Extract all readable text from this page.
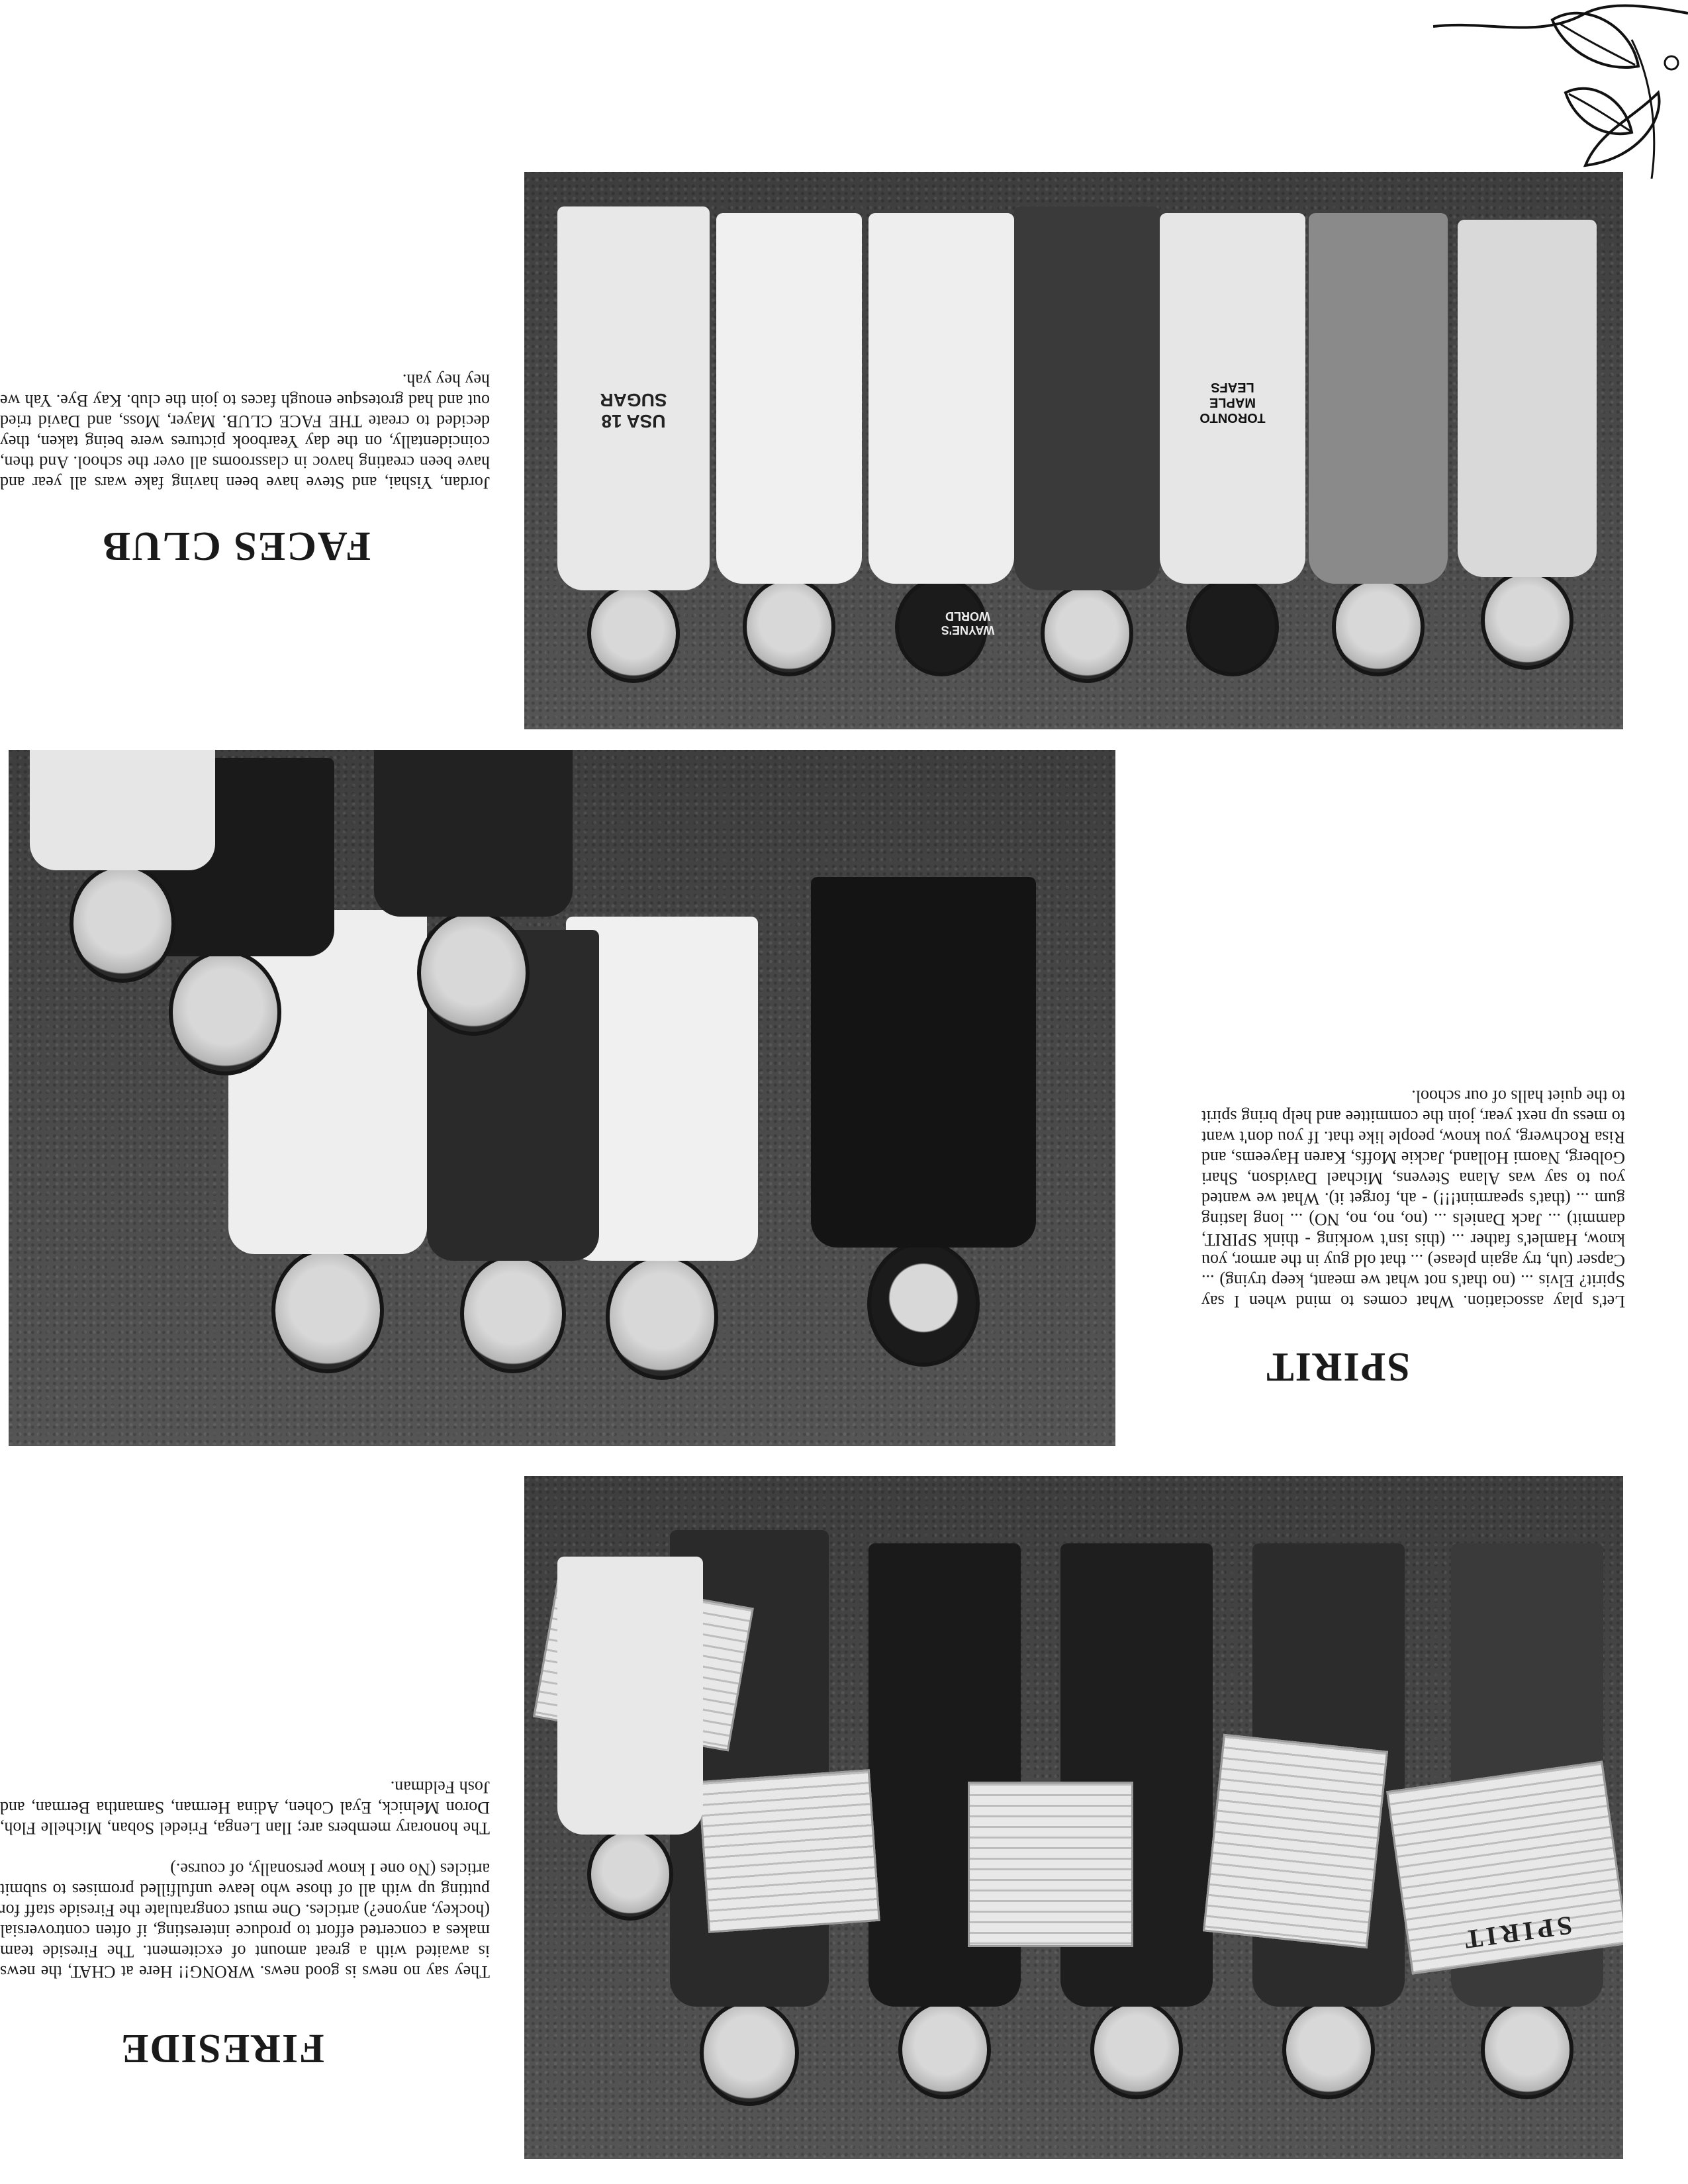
TORONTO MAPLE LEAFS
WAYNE'S WORLD
USA 18 SUGAR
FACES CLUB

Jordan, Yishai, and Steve have been having fake wars all year and have been creating havoc in classrooms all over the school. And then, coincidentally, on the day Yearbook pictures were being taken, they decided to create THE FACE CLUB. Mayer, Moss, and David tried out and had grotesque enough faces to join the club. Kay Bye. Yah we hey hey yah.

SPIRIT

Let's play association. What comes to mind when I say Spirit? Elvis ... (no that's not what we meant, keep trying) ... Capser (uh, try again please) ... that old guy in the armor, you know, Hamlet's father ... (this isn't working - think SPIRIT, dammit) ... Jack Daniels ... (no, no, no, NO) ... long lasting gum ... (that's spearmint!!!) - ah, forget it). What we wanted you to say was Alana Stevens, Michael Davidson, Shari Golberg, Naomi Holland, Jackie Moffs, Karen Hayeems, and Risa Rochwerg, you know, people like that. If you don't want to mess up next year, join the committee and help bring spirit to the quiet halls of our school.

SPIRIT
FIRESIDE

They say no news is good news. WRONG!! Here at CHAT, the news is awaited with a great amount of excitement. The Fireside team makes a concerted effort to produce interesting, if often controversial (hockey, anyone?) articles. One must congratulate the Fireside staff for putting up with all of those who leave unfulfilled promises to submit articles (No one I know personally, of course.)

The honorary members are; Ilan Lenga, Friedel Soban, Michelle Floh, Doron Melnick, Eyal Cohen, Adina Herman, Samantha Berman, and Josh Feldman.
